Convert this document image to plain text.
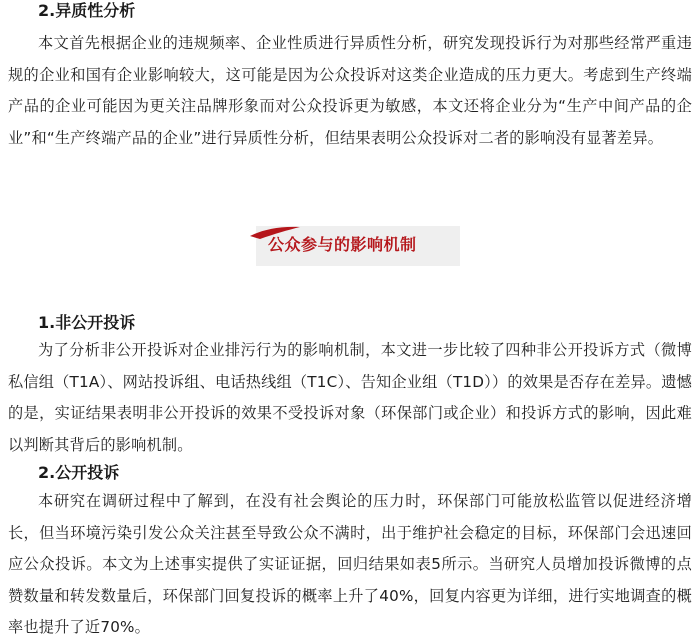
2.异质性分析

本文首先根据企业的违规频率、企业性质进行异质性分析，研究发现投诉行为对那些经常严重违规的企业和国有企业影响较大，这可能是因为公众投诉对这类企业造成的压力更大。考虑到生产终端产品的企业可能因为更关注品牌形象而对公众投诉更为敏感，本文还将企业分为“生产中间产品的企业”和“生产终端产品的企业”进行异质性分析，但结果表明公众投诉对二者的影响没有显著差异。

公众参与的影响机制
1.非公开投诉

为了分析非公开投诉对企业排污行为的影响机制，本文进一步比较了四种非公开投诉方式（微博私信组（T1A）、网站投诉组、电话热线组（T1C）、告知企业组（T1D））的效果是否存在差异。遗憾的是，实证结果表明非公开投诉的效果不受投诉对象（环保部门或企业）和投诉方式的影响，因此难以判断其背后的影响机制。

2.公开投诉

本研究在调研过程中了解到，在没有社会舆论的压力时，环保部门可能放松监管以促进经济增长，但当环境污染引发公众关注甚至导致公众不满时，出于维护社会稳定的目标，环保部门会迅速回应公众投诉。本文为上述事实提供了实证证据，回归结果如表5所示。当研究人员增加投诉微博的点赞数量和转发数量后，环保部门回复投诉的概率上升了40%，回复内容更为详细，进行实地调查的概率也提升了近70%。
